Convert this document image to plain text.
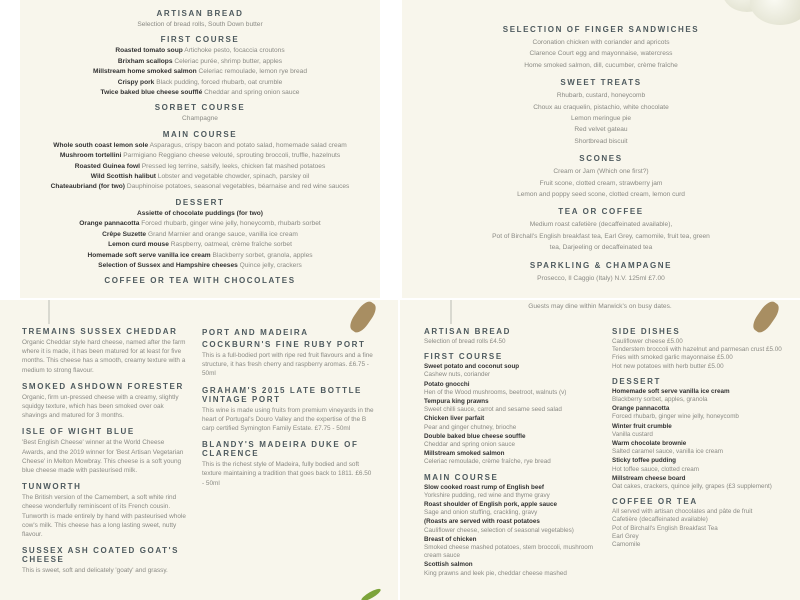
ARTISAN BREAD
Selection of bread rolls, South Down butter
FIRST COURSE
Roasted tomato soup Artichoke pesto, focaccia croutons
Brixham scallops Celeriac purée, shrimp butter, apples
Millstream home smoked salmon Celeriac remoulade, lemon rye bread
Crispy pork Black pudding, forced rhubarb, oat crumble
Twice baked blue cheese soufflé Cheddar and spring onion sauce
SORBET COURSE
Champagne
MAIN COURSE
Whole south coast lemon sole Asparagus, crispy bacon and potato salad, homemade salad cream
Mushroom tortellini Parmigiano Reggiano cheese velouté, sprouting broccoli, truffle, hazelnuts
Roasted Guinea fowl Pressed leg terrine, salsify, leeks, chicken fat mashed potatoes
Wild Scottish halibut Lobster and vegetable chowder, spinach, parsley oil
Chateaubriand (for two) Dauphinoise potatoes, seasonal vegetables, béarnaise and red wine sauces
DESSERT
Assiette of chocolate puddings (for two)
Orange pannacotta Forced rhubarb, ginger wine jelly, honeycomb, rhubarb sorbet
Crêpe Suzette Grand Marnier and orange sauce, vanilla ice cream
Lemon curd mouse Raspberry, oatmeal, crème fraîche sorbet
Homemade soft serve vanilla ice cream Blackberry sorbet, granola, apples
Selection of Sussex and Hampshire cheeses Quince jelly, crackers
COFFEE OR TEA WITH CHOCOLATES
SELECTION OF FINGER SANDWICHES
Coronation chicken with coriander and apricots
Clarence Court egg and mayonnaise, watercress
Home smoked salmon, dill, cucumber, crème fraîche
SWEET TREATS
Rhubarb, custard, honeycomb
Choux au craquelin, pistachio, white chocolate
Lemon meringue pie
Red velvet gateau
Shortbread biscuit
SCONES
Cream or Jam (Which one first?)
Fruit scone, clotted cream, strawberry jam
Lemon and poppy seed scone, clotted cream, lemon curd
TEA OR COFFEE
Medium roast cafetière (decaffeinated available),
Pot of Birchall's English breakfast tea, Earl Grey, camomile, fruit tea, green tea, Darjeeling or decaffeinated tea
SPARKLING & CHAMPAGNE
Prosecco, Il Caggio (Italy) N.V. 125ml £7.00
TREMAINS SUSSEX CHEDDAR
Organic Cheddar style hard cheese, named after the farm where it is made, it has been matured for at least for five months. This cheese has a smooth, creamy texture with a medium to strong flavour.
SMOKED ASHDOWN FORESTER
Organic, firm un-pressed cheese with a creamy, slightly squidgy texture, which has been smoked over oak shavings and matured for 3 months.
ISLE OF WIGHT BLUE
'Best English Cheese' winner at the World Cheese Awards, and the 2019 winner for 'Best Artisan Vegetarian Cheese' in Melton Mowbray. This cheese is a soft young blue cheese made with pasteurised milk.
TUNWORTH
The British version of the Camembert, a soft white rind cheese wonderfully reminiscent of its French cousin. Tunworth is made entirely by hand with pasteurised whole cow's milk. This cheese has a long lasting sweet, nutty flavour.
SUSSEX ASH COATED GOAT'S CHEESE
This is sweet, soft and delicately 'goaty' and grassy.
PORT AND MADEIRA
COCKBURN'S FINE RUBY PORT
This is a full-bodied port with ripe red fruit flavours and a fine structure, it has fresh cherry and raspberry aromas. £6.75 - 50ml
GRAHAM'S 2015 LATE BOTTLE VINTAGE PORT
This wine is made using fruits from premium vineyards in the heart of Portugal's Douro Valley and the expertise of the B carp certified Symington Family Estate. £7.75 - 50ml
BLANDY'S MADEIRA DUKE OF CLARENCE
This is the richest style of Madeira, fully bodied and soft texture maintaining a tradition that goes back to 1811. £6.50 - 50ml
Guests may dine within Marwick's on busy dates.
ARTISAN BREAD
Selection of bread rolls £4.50
FIRST COURSE
Sweet potato and coconut soup
Cashew nuts, coriander
Potato gnocchi
Hen of the Wood mushrooms, beetroot, walnuts (v)
Tempura king prawns
Sweet chilli sauce, carrot and sesame seed salad
Chicken liver parfait
Pear and ginger chutney, brioche
Double baked blue cheese souffle
Cheddar and spring onion sauce
Millstream smoked salmon
Celeriac remoulade, crème fraîche, rye bread
MAIN COURSE
Slow cooked roast rump of English beef
Yorkshire pudding, red wine and thyme gravy
Roast shoulder of English pork, apple sauce
Sage and onion stuffing, crackling, gravy
(Roasts are served with roast potatoes
Cauliflower cheese, selection of seasonal vegetables)
Breast of chicken
Smoked cheese mashed potatoes, stem broccoli, mushroom cream sauce
Scottish salmon
King prawns and leek pie, cheddar cheese mashed
SIDE DISHES
Cauliflower cheese £5.00
Tenderstem broccoli with hazelnut and parmesan crust £5.00
Fries with smoked garlic mayonnaise £5.00
Hot new potatoes with herb butter £5.00
DESSERT
Homemade soft serve vanilla ice cream
Blackberry sorbet, apples, granola
Orange pannacotta
Forced rhubarb, ginger wine jelly, honeycomb
Winter fruit crumble
Vanilla custard
Warm chocolate brownie
Salted caramel sauce, vanilla ice cream
Sticky toffee pudding
Hot toffee sauce, clotted cream
Millstream cheese board
Oat cakes, crackers, quince jelly, grapes (£3 supplement)
COFFEE OR TEA
All served with artisan chocolates and pâte de fruit
Cafetière (decaffeinated available)
Pot of Birchall's English Breakfast Tea
Earl Grey
Camomile
